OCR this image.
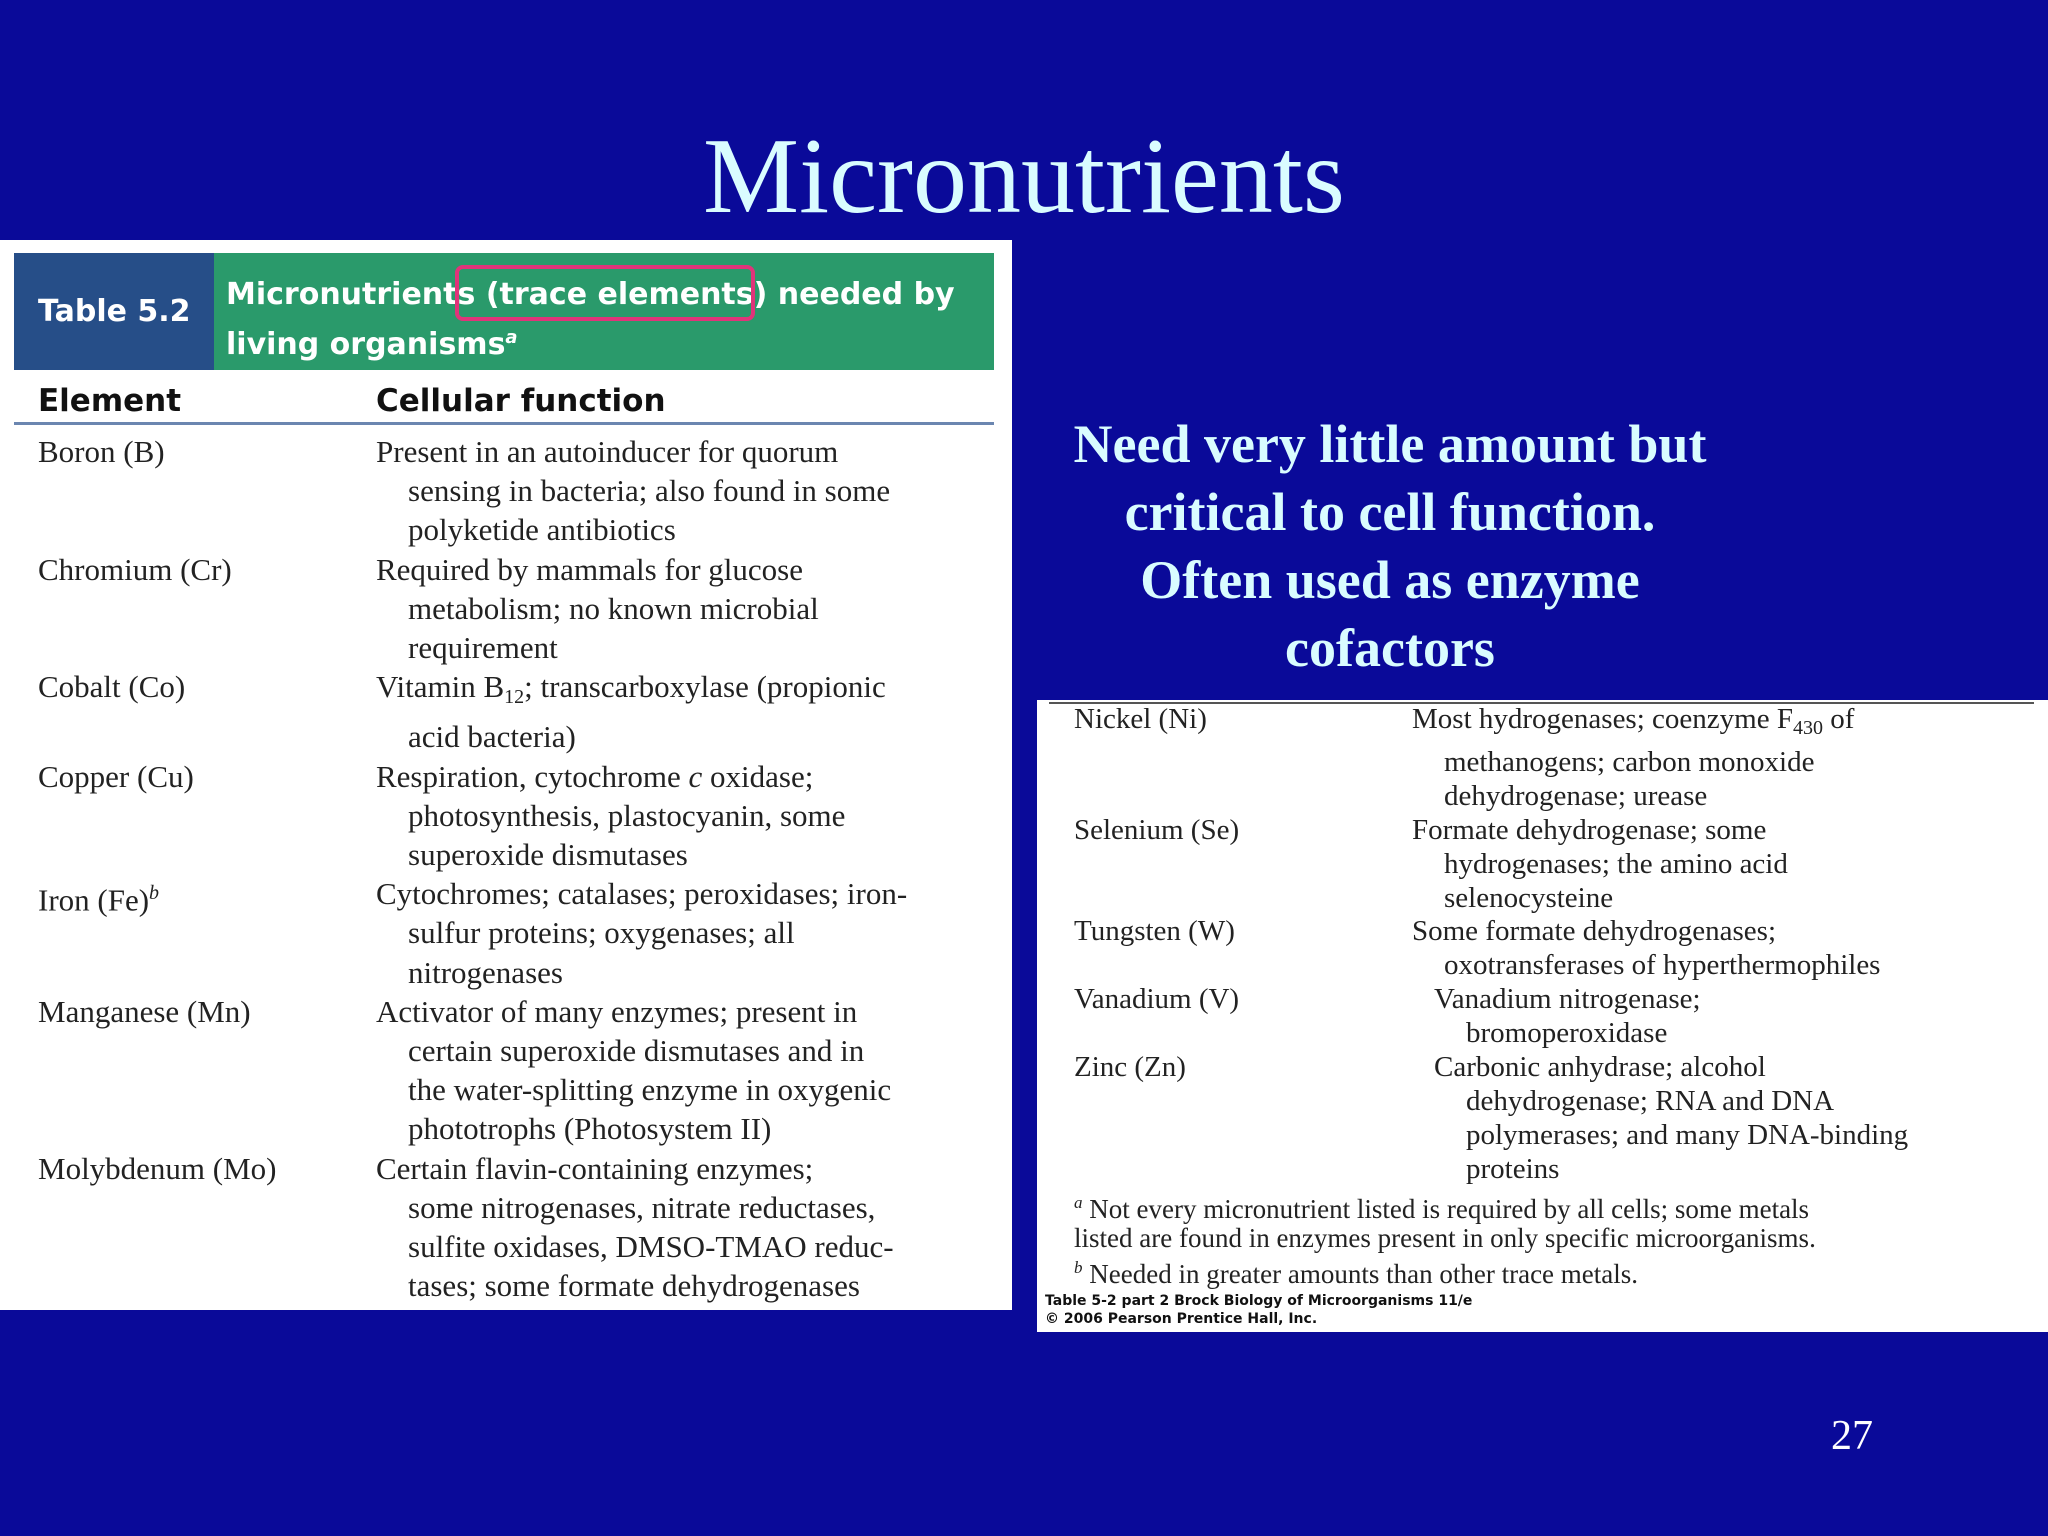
Micronutrients
Table 5.2	Micronutrients (trace elements) needed by
living organisms$^a$
Element	Cellular function
Boron (B)	Present in an autoinducer for quorum
sensing in bacteria; also found in some
polyketide antibiotics
Chromium (Cr)	Required by mammals for glucose
metabolism; no known microbial
requirement
Cobalt (Co)	Vitamin $B_{12}$; transcarboxylase (propionic
acid bacteria)
Copper (Cu)	Respiration, cytochrome c oxidase;
photosynthesis, plastocyanin, some
superoxide dismutases
Iron $(Fe)^b$	Cytochromes; catalases; peroxidases; iron-
sulfur proteins; oxygenases; all
nitrogenases
Manganese (Mn)	Activator of many enzymes; present in
certain superoxide dismutases and in
the water-splitting enzyme in oxygenic
phototrophs (Photosystem II)
Molybdenum (Mo)	Certain flavin-containing enzymes;
some nitrogenases, nitrate reductases,
sulfite oxidases, DMSO-TMAO reduc-
tases; some formate dehydrogenases
Need very little amount but
critical to cell function.
Often used as enzyme
cofactors
Nickel (Ni)	Most hydrogenases; coenzyme $F_{430}$ of
methanogens; carbon monoxide
dehydrogenase; urease
Selenium (Se)	Formate dehydrogenase; some
hydrogenases; the amino acid
selenocysteine
Tungsten (W)	Some formate dehydrogenases;
oxotransferases of hyperthermophiles
Vanadium (V)	Vanadium nitrogenase;
bromoperoxidase
Zinc (Zn)	Carbonic anhydrase; alcohol
dehydrogenase; RNA and DNA
polymerases; and many DNA-binding
proteins
$^a$ Not every micronutrient listed is required by all cells; some metals
listed are found in enzymes present in only specific microorganisms.
$^b$ Needed in greater amounts than other trace metals.
Table 5-2 part 2 Brock Biology of Microorganisms 11/e
© 2006 Pearson Prentice Hall, Inc.
27
